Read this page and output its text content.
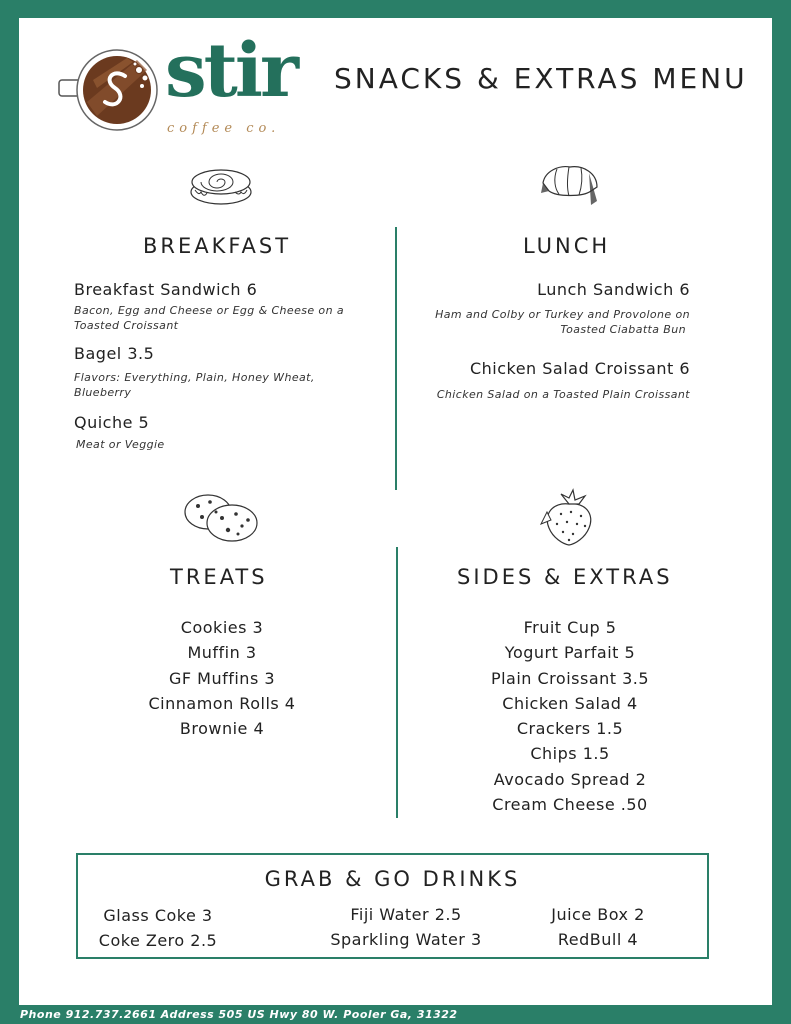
stir
coffee co.
SNACKS & EXTRAS MENU
BREAKFAST
Breakfast Sandwich 6
Bacon, Egg and Cheese or Egg & Cheese on a Toasted Croissant
Bagel 3.5
Flavors: Everything, Plain, Honey Wheat, Blueberry
Quiche 5
Meat or Veggie
LUNCH
Lunch Sandwich 6
Ham and Colby or Turkey and Provolone on
Toasted Ciabatta Bun
Chicken Salad Croissant 6
Chicken Salad on a Toasted Plain Croissant
TREATS
Cookies 3
Muffin 3
GF Muffins 3
Cinnamon Rolls 4
Brownie 4
SIDES & EXTRAS
Fruit Cup 5
Yogurt Parfait 5
Plain Croissant 3.5
Chicken Salad 4
Crackers 1.5
Chips 1.5
Avocado Spread 2
Cream Cheese .50
GRAB & GO DRINKS
Glass Coke 3
Coke Zero 2.5
Fiji Water 2.5
Sparkling Water 3
Juice Box 2
RedBull 4
Phone 912.737.2661 Address 505 US Hwy 80 W. Pooler Ga, 31322
